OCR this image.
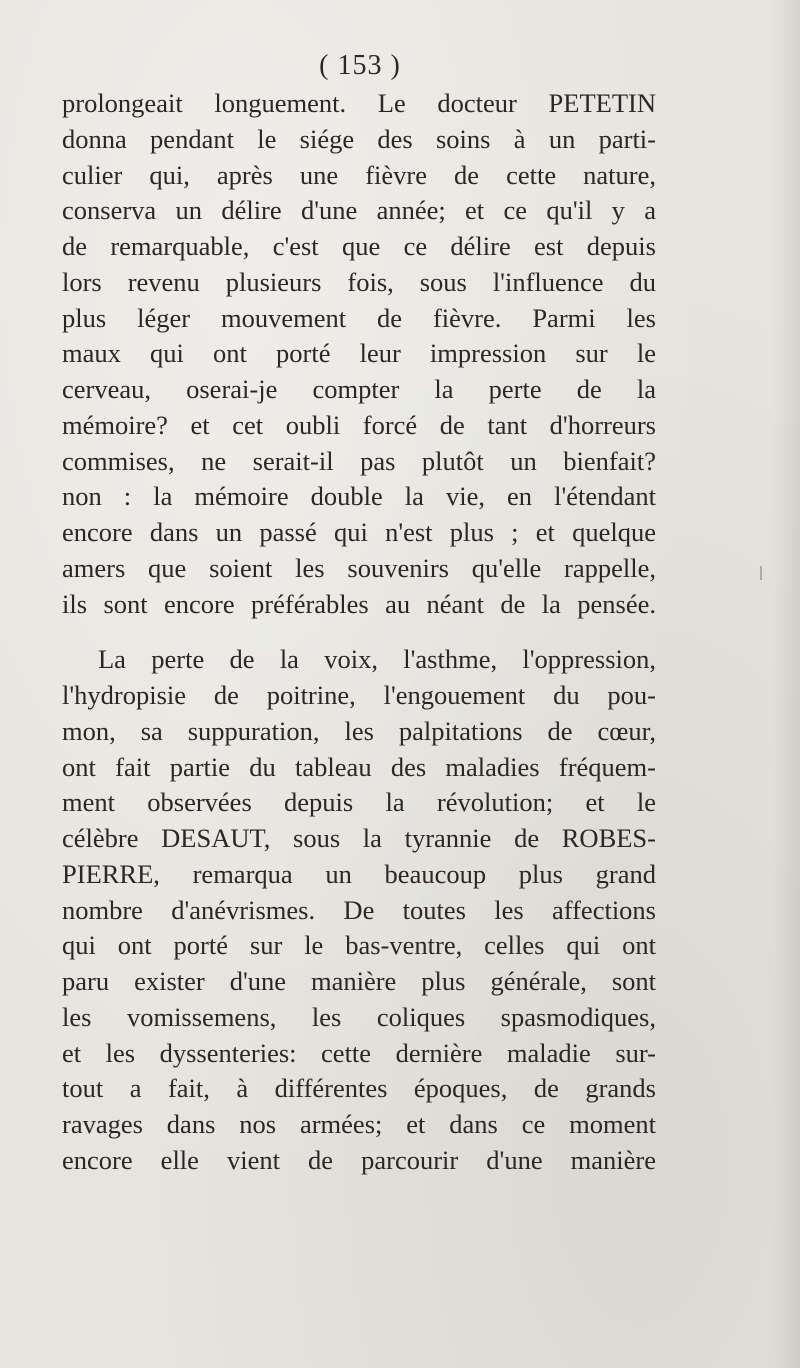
( 153 )
prolongeait longuement. Le docteur PETETIN
donna pendant le siége des soins à un parti-
culier qui, après une fièvre de cette nature,
conserva un délire d'une année; et ce qu'il y a
de remarquable, c'est que ce délire est depuis
lors revenu plusieurs fois, sous l'influence du
plus léger mouvement de fièvre. Parmi les
maux qui ont porté leur impression sur le
cerveau, oserai-je compter la perte de la
mémoire? et cet oubli forcé de tant d'horreurs
commises, ne serait-il pas plutôt un bienfait?
non : la mémoire double la vie, en l'étendant
encore dans un passé qui n'est plus ; et quelque
amers que soient les souvenirs qu'elle rappelle,
ils sont encore préférables au néant de la pensée.
La perte de la voix, l'asthme, l'oppression,
l'hydropisie de poitrine, l'engouement du pou-
mon, sa suppuration, les palpitations de cœur,
ont fait partie du tableau des maladies fréquem-
ment observées depuis la révolution; et le
célèbre DESAUT, sous la tyrannie de ROBES-
PIERRE, remarqua un beaucoup plus grand
nombre d'anévrismes. De toutes les affections
qui ont porté sur le bas-ventre, celles qui ont
paru exister d'une manière plus générale, sont
les vomissemens, les coliques spasmodiques,
et les dyssenteries: cette dernière maladie sur-
tout a fait, à différentes époques, de grands
ravages dans nos armées; et dans ce moment
encore elle vient de parcourir d'une manière
